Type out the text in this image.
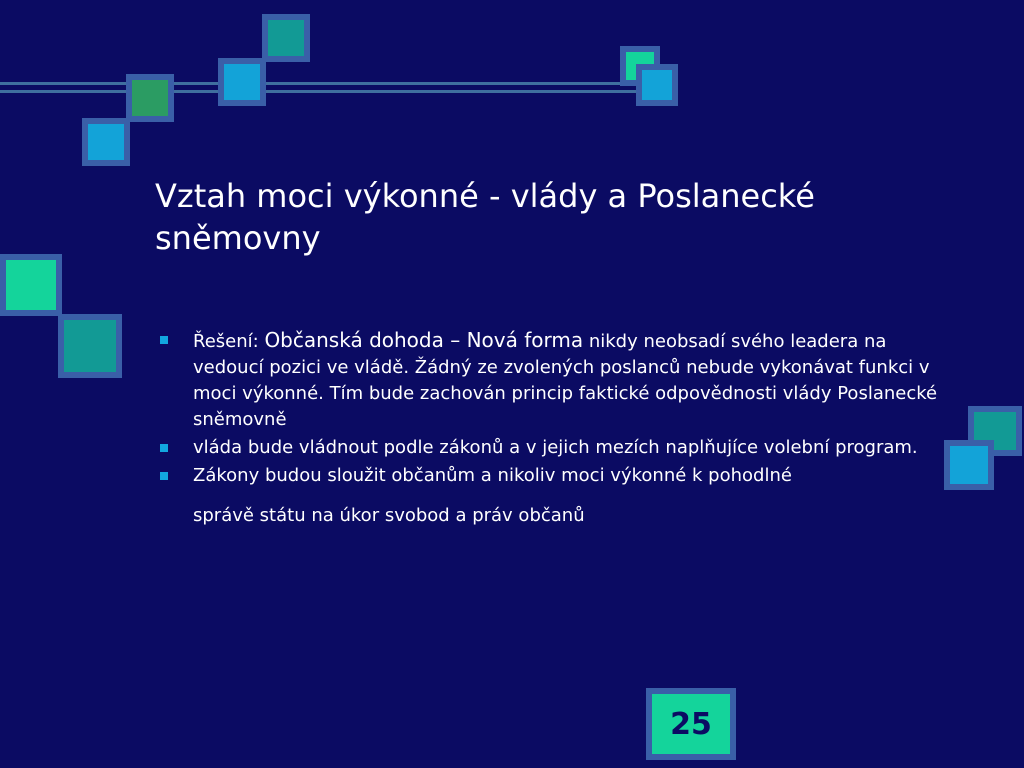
Vztah moci výkonné - vlády a Poslanecké sněmovny
Řešení: Občanská dohoda – Nová forma nikdy neobsadí svého leadera na vedoucí pozici ve vládě. Žádný ze zvolených poslanců nebude vykonávat funkci v moci výkonné. Tím bude zachován princip faktické odpovědnosti vlády Poslanecké sněmovně
vláda bude vládnout podle zákonů a v jejich mezích naplňujíce volební program.
Zákony budou sloužit občanům a nikoliv moci výkonné k pohodlné
správě státu na úkor svobod a práv občanů
25
